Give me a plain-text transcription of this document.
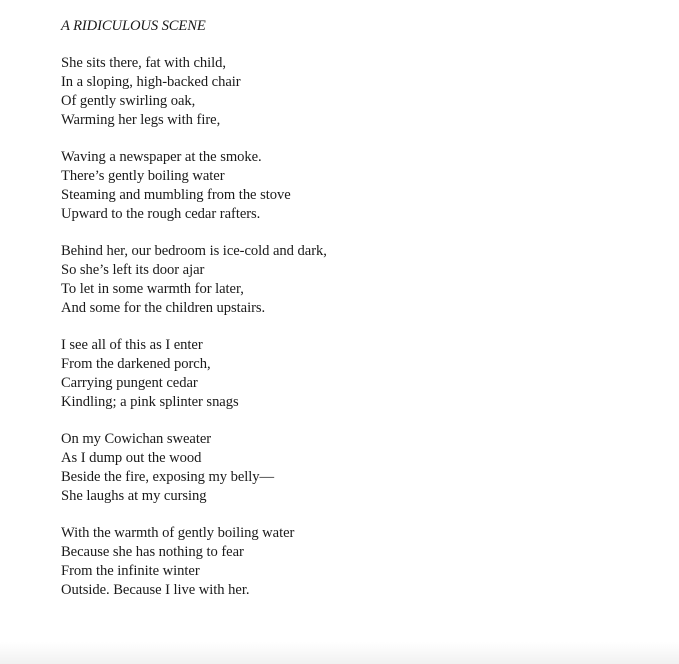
A RIDICULOUS SCENE
She sits there, fat with child,
In a sloping, high-backed chair
Of gently swirling oak,
Warming her legs with fire,
Waving a newspaper at the smoke.
There’s gently boiling water
Steaming and mumbling from the stove
Upward to the rough cedar rafters.
Behind her, our bedroom is ice-cold and dark,
So she’s left its door ajar
To let in some warmth for later,
And some for the children upstairs.
I see all of this as I enter
From the darkened porch,
Carrying pungent cedar
Kindling; a pink splinter snags
On my Cowichan sweater
As I dump out the wood
Beside the fire, exposing my belly—
She laughs at my cursing
With the warmth of gently boiling water
Because she has nothing to fear
From the infinite winter
Outside. Because I live with her.
